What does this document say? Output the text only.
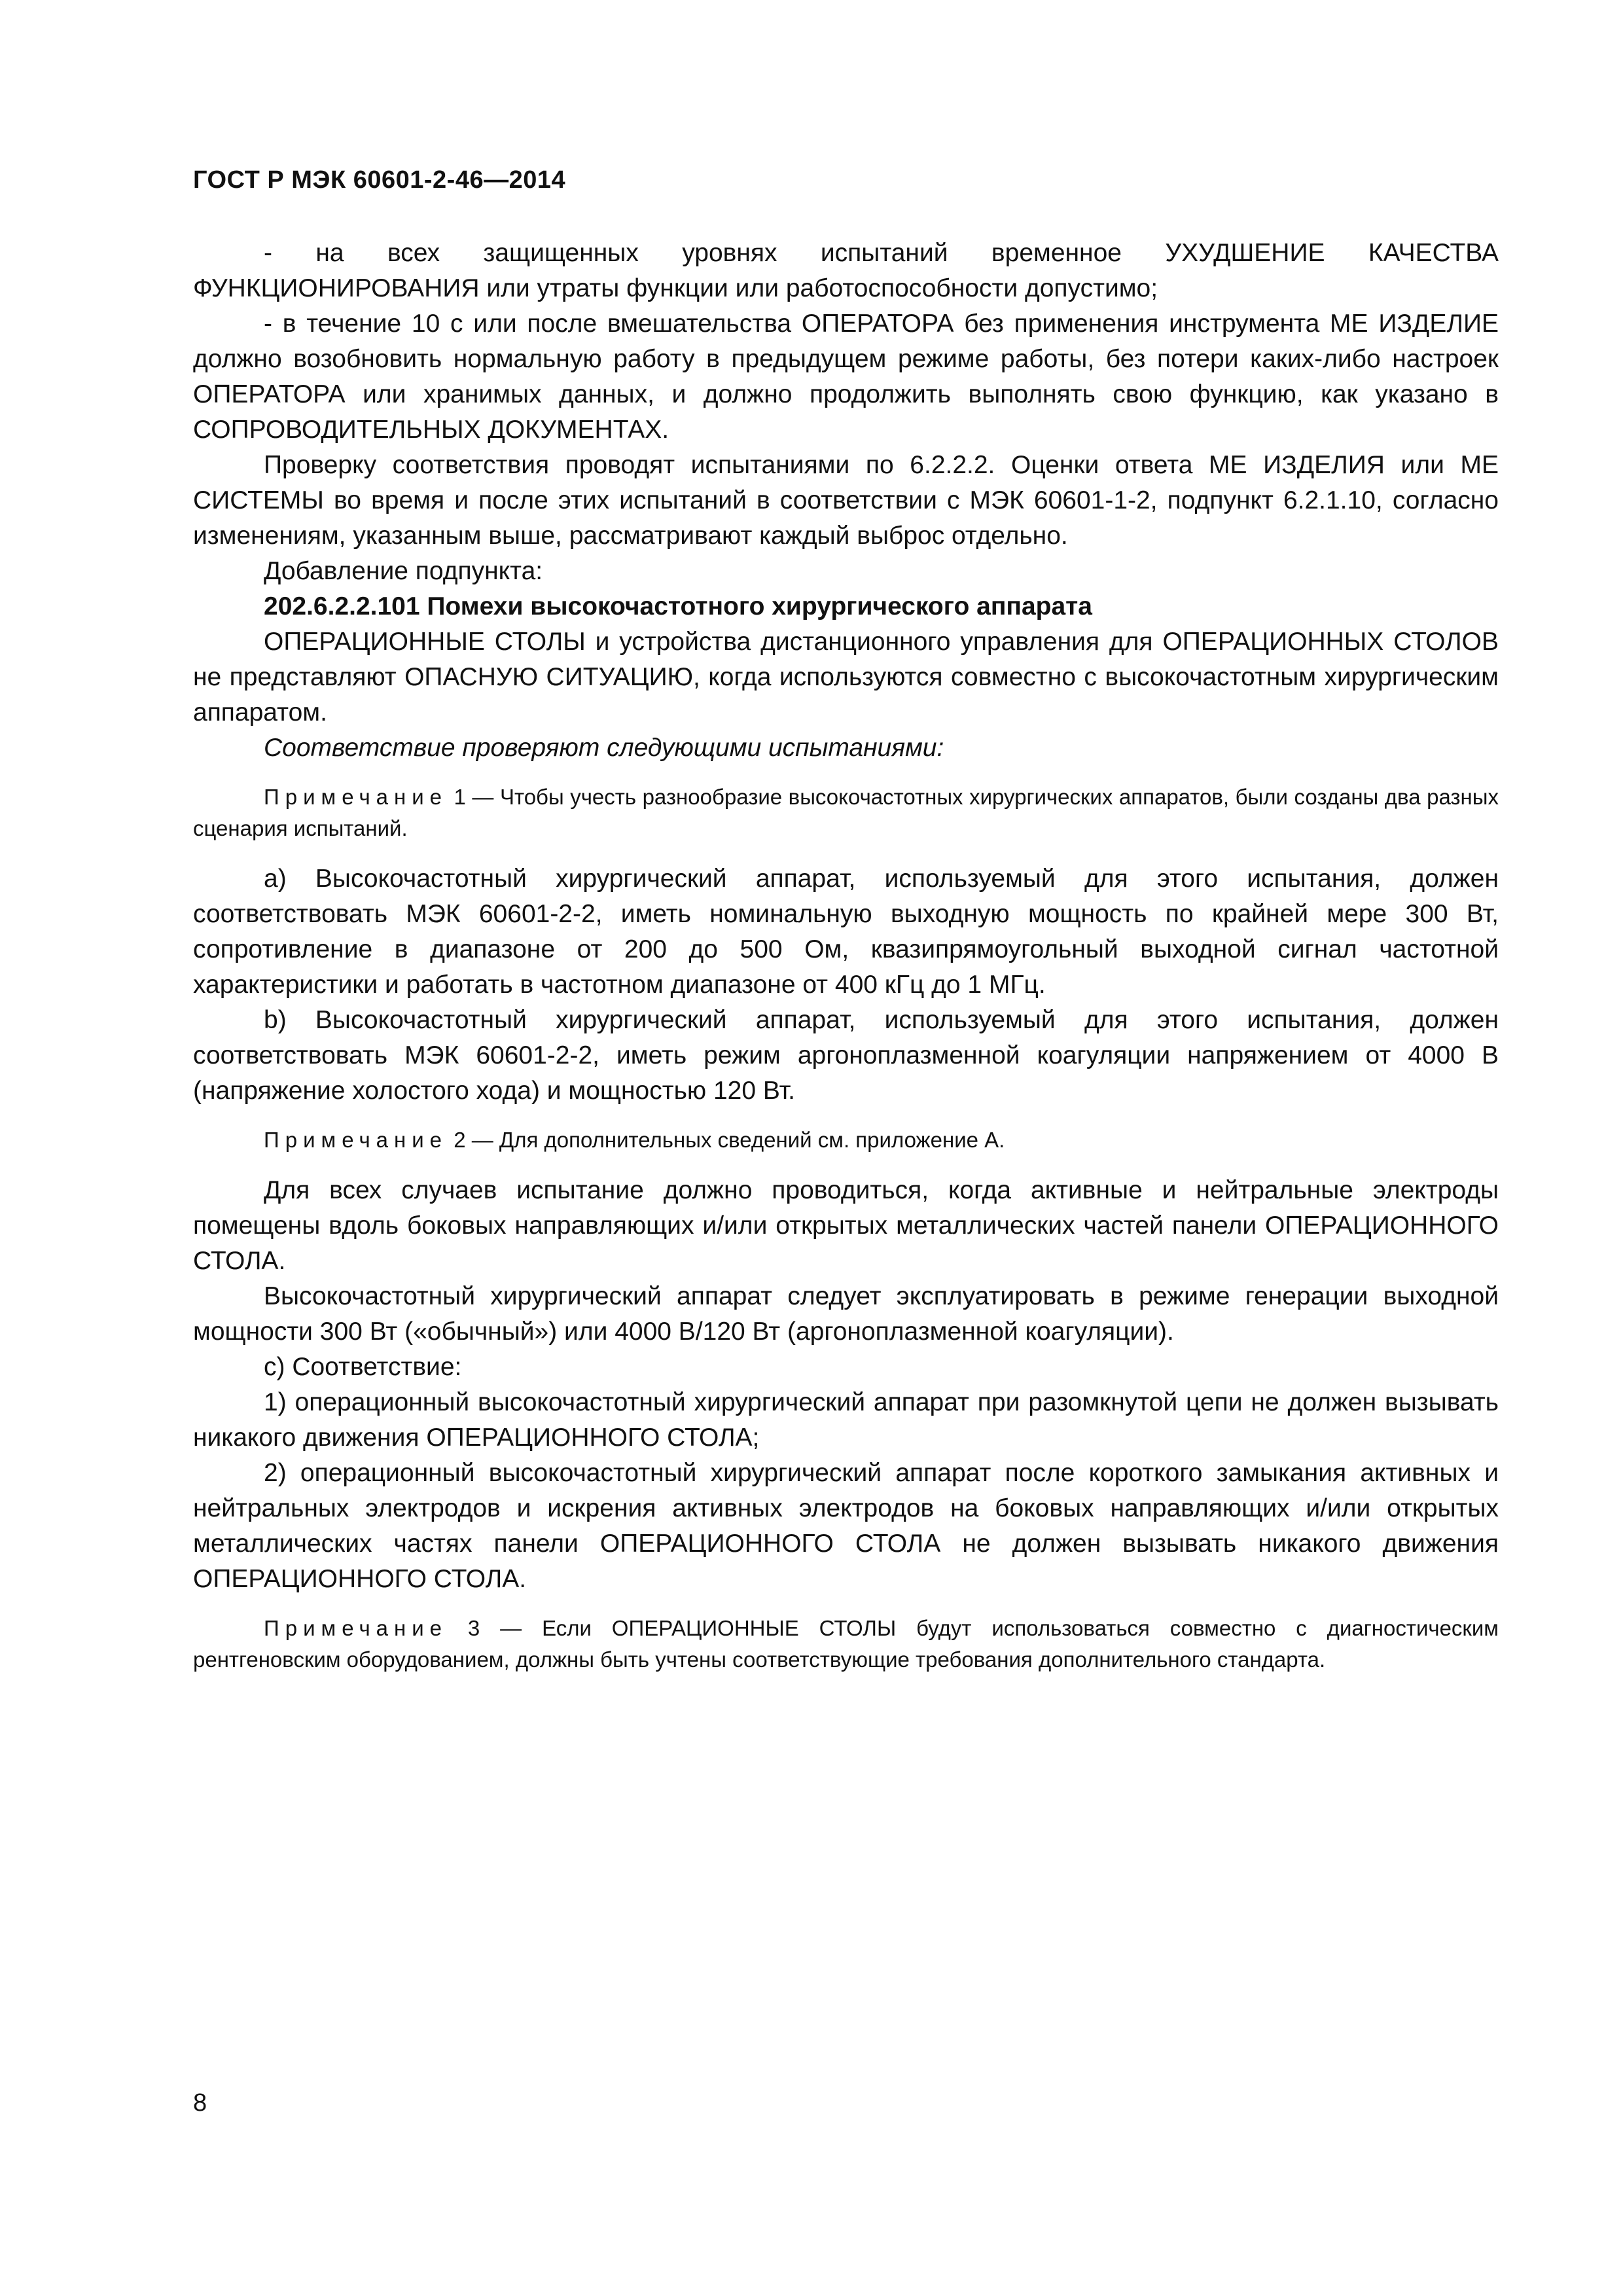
ГОСТ Р МЭК 60601-2-46—2014

- на всех защищенных уровнях испытаний временное УХУДШЕНИЕ КАЧЕСТВА ФУНКЦИОНИРОВАНИЯ или утраты функции или работоспособности допустимо;

- в течение 10 с или после вмешательства ОПЕРАТОРА без применения инструмента МЕ ИЗДЕЛИЕ должно возобновить нормальную работу в предыдущем режиме работы, без потери каких-либо настроек ОПЕРАТОРА или хранимых данных, и должно продолжить выполнять свою функцию, как указано в СОПРОВОДИТЕЛЬНЫХ ДОКУМЕНТАХ.

Проверку соответствия проводят испытаниями по 6.2.2.2. Оценки ответа МЕ ИЗДЕЛИЯ или МЕ СИСТЕМЫ во время и после этих испытаний в соответствии с МЭК 60601-1-2, подпункт 6.2.1.10, согласно изменениям, указанным выше, рассматривают каждый выброс отдельно.

Добавление подпункта:

202.6.2.2.101 Помехи высокочастотного хирургического аппарата

ОПЕРАЦИОННЫЕ СТОЛЫ и устройства дистанционного управления для ОПЕРАЦИОННЫХ СТОЛОВ не представляют ОПАСНУЮ СИТУАЦИЮ, когда используются совместно с высокочастотным хирургическим аппаратом.

Соответствие проверяют следующими испытаниями:

Примечание 1 — Чтобы учесть разнообразие высокочастотных хирургических аппаратов, были созданы два разных сценария испытаний.

а) Высокочастотный хирургический аппарат, используемый для этого испытания, должен соответствовать МЭК 60601-2-2, иметь номинальную выходную мощность по крайней мере 300 Вт, сопротивление в диапазоне от 200 до 500 Ом, квазипрямоугольный выходной сигнал частотной характеристики и работать в частотном диапазоне от 400 кГц до 1 МГц.

b) Высокочастотный хирургический аппарат, используемый для этого испытания, должен соответствовать МЭК 60601-2-2, иметь режим аргоноплазменной коагуляции напряжением от 4000 В (напряжение холостого хода) и мощностью 120 Вт.

Примечание 2 — Для дополнительных сведений см. приложение А.

Для всех случаев испытание должно проводиться, когда активные и нейтральные электроды помещены вдоль боковых направляющих и/или открытых металлических частей панели ОПЕРАЦИОННОГО СТОЛА.

Высокочастотный хирургический аппарат следует эксплуатировать в режиме генерации выходной мощности 300 Вт («обычный») или 4000 В/120 Вт (аргоноплазменной коагуляции).

с) Соответствие:

1) операционный высокочастотный хирургический аппарат при разомкнутой цепи не должен вызывать никакого движения ОПЕРАЦИОННОГО СТОЛА;

2) операционный высокочастотный хирургический аппарат после короткого замыкания активных и нейтральных электродов и искрения активных электродов на боковых направляющих и/или открытых металлических частях панели ОПЕРАЦИОННОГО СТОЛА не должен вызывать никакого движения ОПЕРАЦИОННОГО СТОЛА.

Примечание 3 — Если ОПЕРАЦИОННЫЕ СТОЛЫ будут использоваться совместно с диагностическим рентгеновским оборудованием, должны быть учтены соответствующие требования дополнительного стандарта.

8
